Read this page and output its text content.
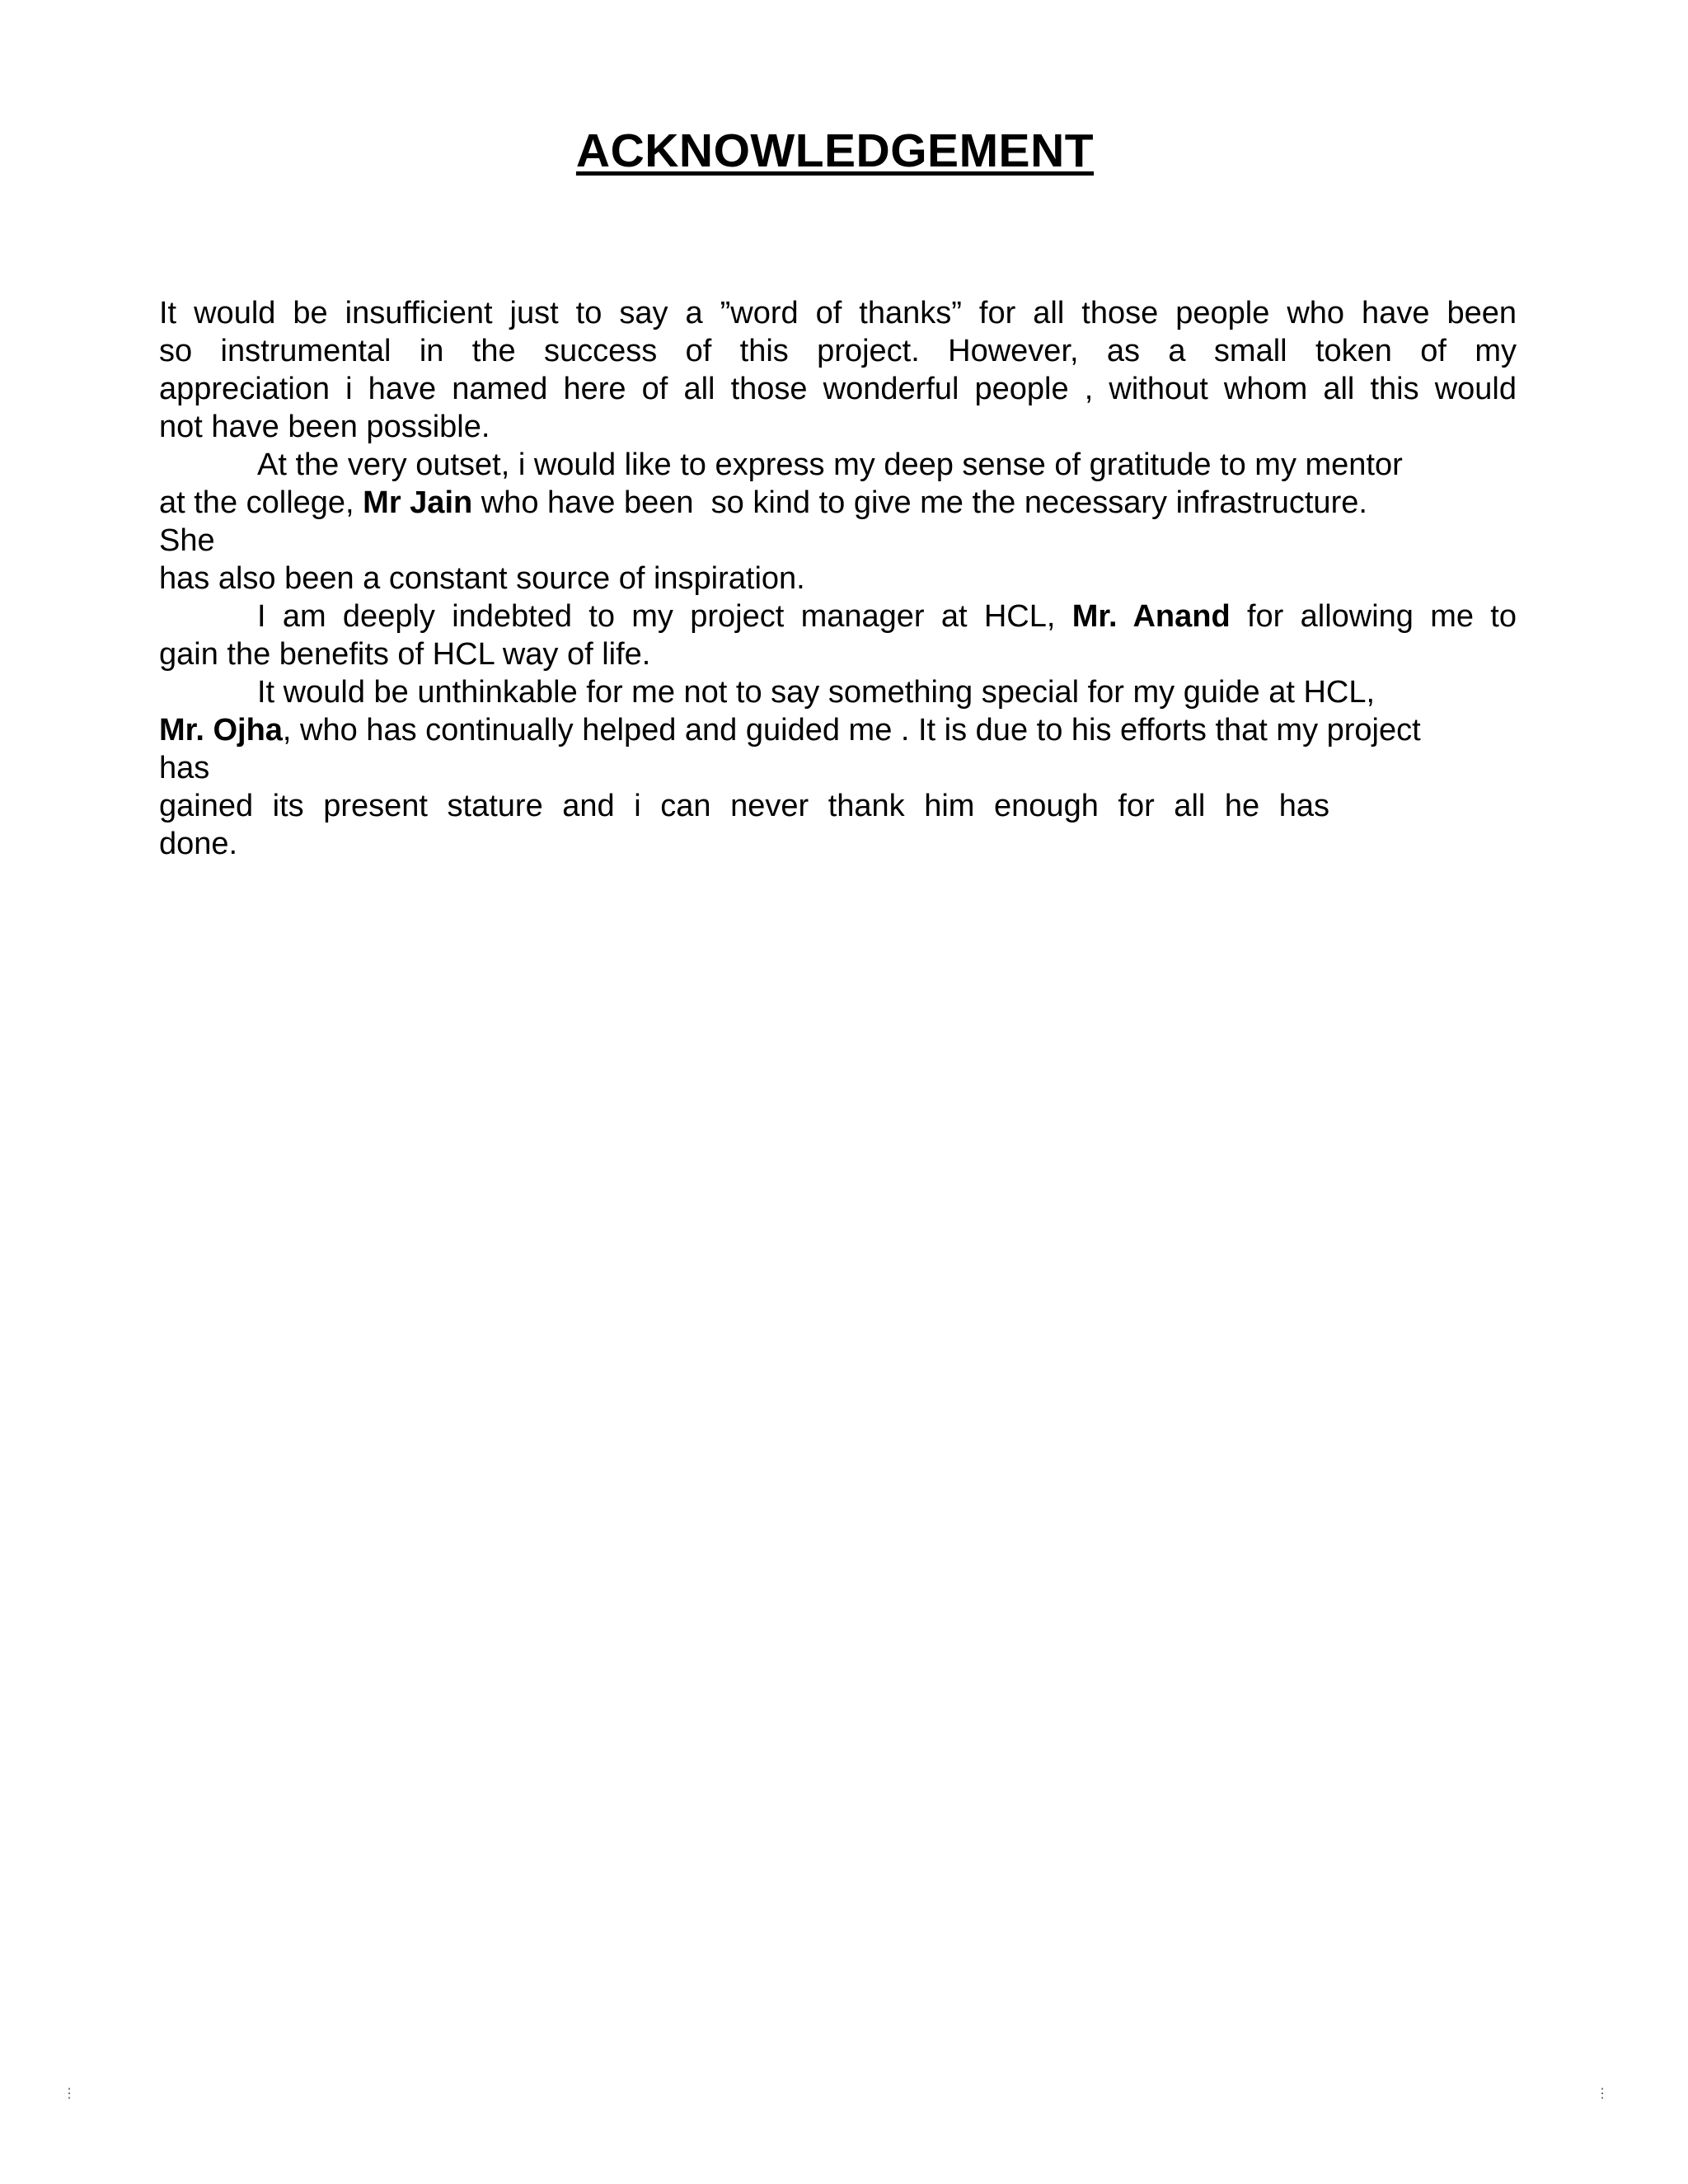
ACKNOWLEDGEMENT
It would be insufficient just to say a ”word of thanks” for all those people who have been
so instrumental in the success of this project. However, as a small token of my
appreciation i have named here of all those wonderful people , without whom all this would
not have been possible.
At the very outset, i would like to express my deep sense of gratitude to my mentor
at the college, Mr Jain who have been  so kind to give me the necessary infrastructure.
She
has also been a constant source of inspiration.
I am deeply indebted to my project manager at HCL, Mr. Anand for allowing me to
gain the benefits of HCL way of life.
It would be unthinkable for me not to say something special for my guide at HCL,
Mr. Ojha, who has continually helped and guided me . It is due to his efforts that my project
has
gained its present stature and i can never thank him enough for all he has
done.
⋮	⋮
